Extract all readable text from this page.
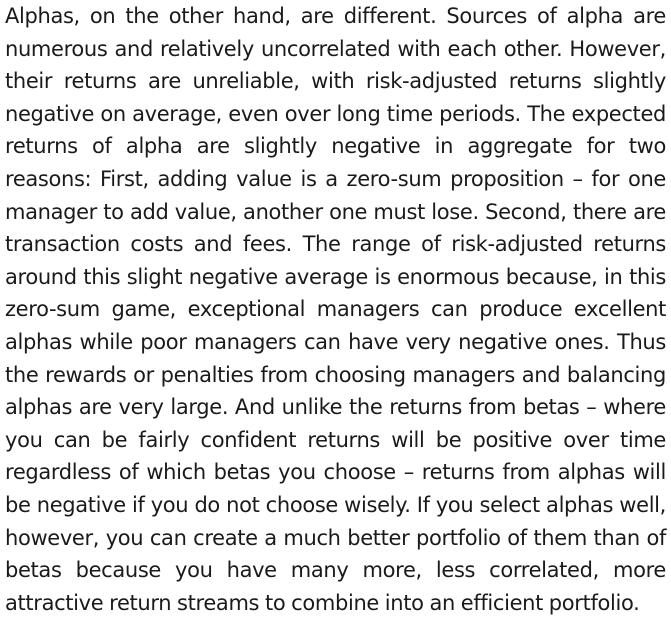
Alphas, on the other hand, are different. Sources of alpha are numerous and relatively uncorrelated with each other. However, their returns are unreliable, with risk-adjusted returns slightly negative on average, even over long time periods. The expected returns of alpha are slightly negative in aggregate for two reasons: First, adding value is a zero-sum proposition – for one manager to add value, another one must lose. Second, there are transaction costs and fees. The range of risk-adjusted returns around this slight negative average is enormous because, in this zero-sum game, exceptional managers can produce excellent alphas while poor managers can have very negative ones. Thus the rewards or penalties from choosing managers and balancing alphas are very large. And unlike the returns from betas – where you can be fairly confident returns will be positive over time regardless of which betas you choose – returns from alphas will be negative if you do not choose wisely. If you select alphas well, however, you can create a much better portfolio of them than of betas because you have many more, less correlated, more attractive return streams to combine into an efficient portfolio.
